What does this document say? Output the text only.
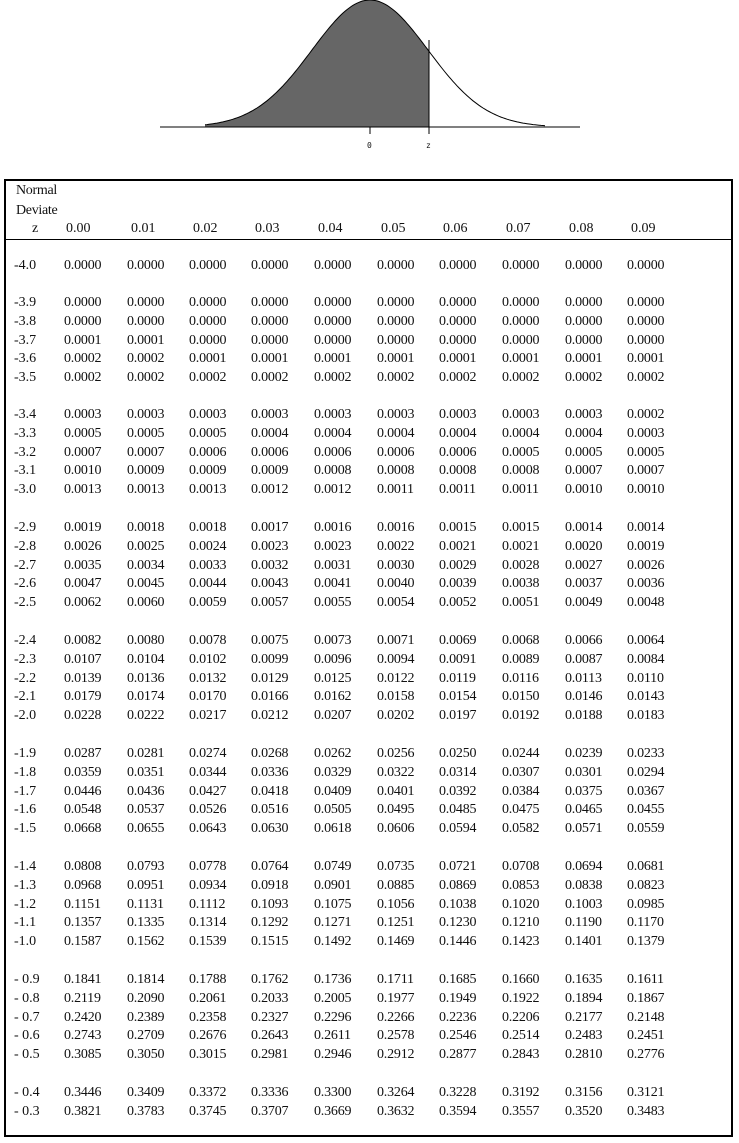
0	z
Normal
Deviate
z 0.00	0.01	0.02	0.03	0.04	0.05	0.06	0.07	0.08	0.09
-4.0	0.0000	0.0000	0.0000	0.0000	0.0000	0.0000	0.0000	0.0000	0.0000	0.0000
-3.9	0.0000	0.0000	0.0000	0.0000	0.0000	0.0000	0.0000	0.0000	0.0000	0.0000
-3.8	0.0000	0.0000	0.0000	0.0000	0.0000	0.0000	0.0000	0.0000	0.0000	0.0000
-3.7	0.0001	0.0001	0.0000	0.0000	0.0000	0.0000	0.0000	0.0000	0.0000	0.0000
-3.6	0.0002	0.0002	0.0001	0.0001	0.0001	0.0001	0.0001	0.0001	0.0001	0.0001
-3.5	0.0002	0.0002	0.0002	0.0002	0.0002	0.0002	0.0002	0.0002	0.0002	0.0002
-3.4	0.0003	0.0003	0.0003	0.0003	0.0003	0.0003	0.0003	0.0003	0.0003	0.0002
-3.3	0.0005	0.0005	0.0005	0.0004	0.0004	0.0004	0.0004	0.0004	0.0004	0.0003
-3.2	0.0007	0.0007	0.0006	0.0006	0.0006	0.0006	0.0006	0.0005	0.0005	0.0005
-3.1	0.0010	0.0009	0.0009	0.0009	0.0008	0.0008	0.0008	0.0008	0.0007	0.0007
-3.0	0.0013	0.0013	0.0013	0.0012	0.0012	0.0011	0.0011	0.0011	0.0010	0.0010
-2.9	0.0019	0.0018	0.0018	0.0017	0.0016	0.0016	0.0015	0.0015	0.0014	0.0014
-2.8	0.0026	0.0025	0.0024	0.0023	0.0023	0.0022	0.0021	0.0021	0.0020	0.0019
-2.7	0.0035	0.0034	0.0033	0.0032	0.0031	0.0030	0.0029	0.0028	0.0027	0.0026
-2.6	0.0047	0.0045	0.0044	0.0043	0.0041	0.0040	0.0039	0.0038	0.0037	0.0036
-2.5	0.0062	0.0060	0.0059	0.0057	0.0055	0.0054	0.0052	0.0051	0.0049	0.0048
-2.4	0.0082	0.0080	0.0078	0.0075	0.0073	0.0071	0.0069	0.0068	0.0066	0.0064
-2.3	0.0107	0.0104	0.0102	0.0099	0.0096	0.0094	0.0091	0.0089	0.0087	0.0084
-2.2	0.0139	0.0136	0.0132	0.0129	0.0125	0.0122	0.0119	0.0116	0.0113	0.0110
-2.1	0.0179	0.0174	0.0170	0.0166	0.0162	0.0158	0.0154	0.0150	0.0146	0.0143
-2.0	0.0228	0.0222	0.0217	0.0212	0.0207	0.0202	0.0197	0.0192	0.0188	0.0183
-1.9	0.0287	0.0281	0.0274	0.0268	0.0262	0.0256	0.0250	0.0244	0.0239	0.0233
-1.8	0.0359	0.0351	0.0344	0.0336	0.0329	0.0322	0.0314	0.0307	0.0301	0.0294
-1.7	0.0446	0.0436	0.0427	0.0418	0.0409	0.0401	0.0392	0.0384	0.0375	0.0367
-1.6	0.0548	0.0537	0.0526	0.0516	0.0505	0.0495	0.0485	0.0475	0.0465	0.0455
-1.5	0.0668	0.0655	0.0643	0.0630	0.0618	0.0606	0.0594	0.0582	0.0571	0.0559
-1.4	0.0808	0.0793	0.0778	0.0764	0.0749	0.0735	0.0721	0.0708	0.0694	0.0681
-1.3	0.0968	0.0951	0.0934	0.0918	0.0901	0.0885	0.0869	0.0853	0.0838	0.0823
-1.2	0.1151	0.1131	0.1112	0.1093	0.1075	0.1056	0.1038	0.1020	0.1003	0.0985
-1.1	0.1357	0.1335	0.1314	0.1292	0.1271	0.1251	0.1230	0.1210	0.1190	0.1170
-1.0	0.1587	0.1562	0.1539	0.1515	0.1492	0.1469	0.1446	0.1423	0.1401	0.1379
- 0.9	0.1841	0.1814	0.1788	0.1762	0.1736	0.1711	0.1685	0.1660	0.1635	0.1611
- 0.8	0.2119	0.2090	0.2061	0.2033	0.2005	0.1977	0.1949	0.1922	0.1894	0.1867
- 0.7	0.2420	0.2389	0.2358	0.2327	0.2296	0.2266	0.2236	0.2206	0.2177	0.2148
- 0.6	0.2743	0.2709	0.2676	0.2643	0.2611	0.2578	0.2546	0.2514	0.2483	0.2451
- 0.5	0.3085	0.3050	0.3015	0.2981	0.2946	0.2912	0.2877	0.2843	0.2810	0.2776
- 0.4	0.3446	0.3409	0.3372	0.3336	0.3300	0.3264	0.3228	0.3192	0.3156	0.3121
- 0.3	0.3821	0.3783	0.3745	0.3707	0.3669	0.3632	0.3594	0.3557	0.3520	0.3483
